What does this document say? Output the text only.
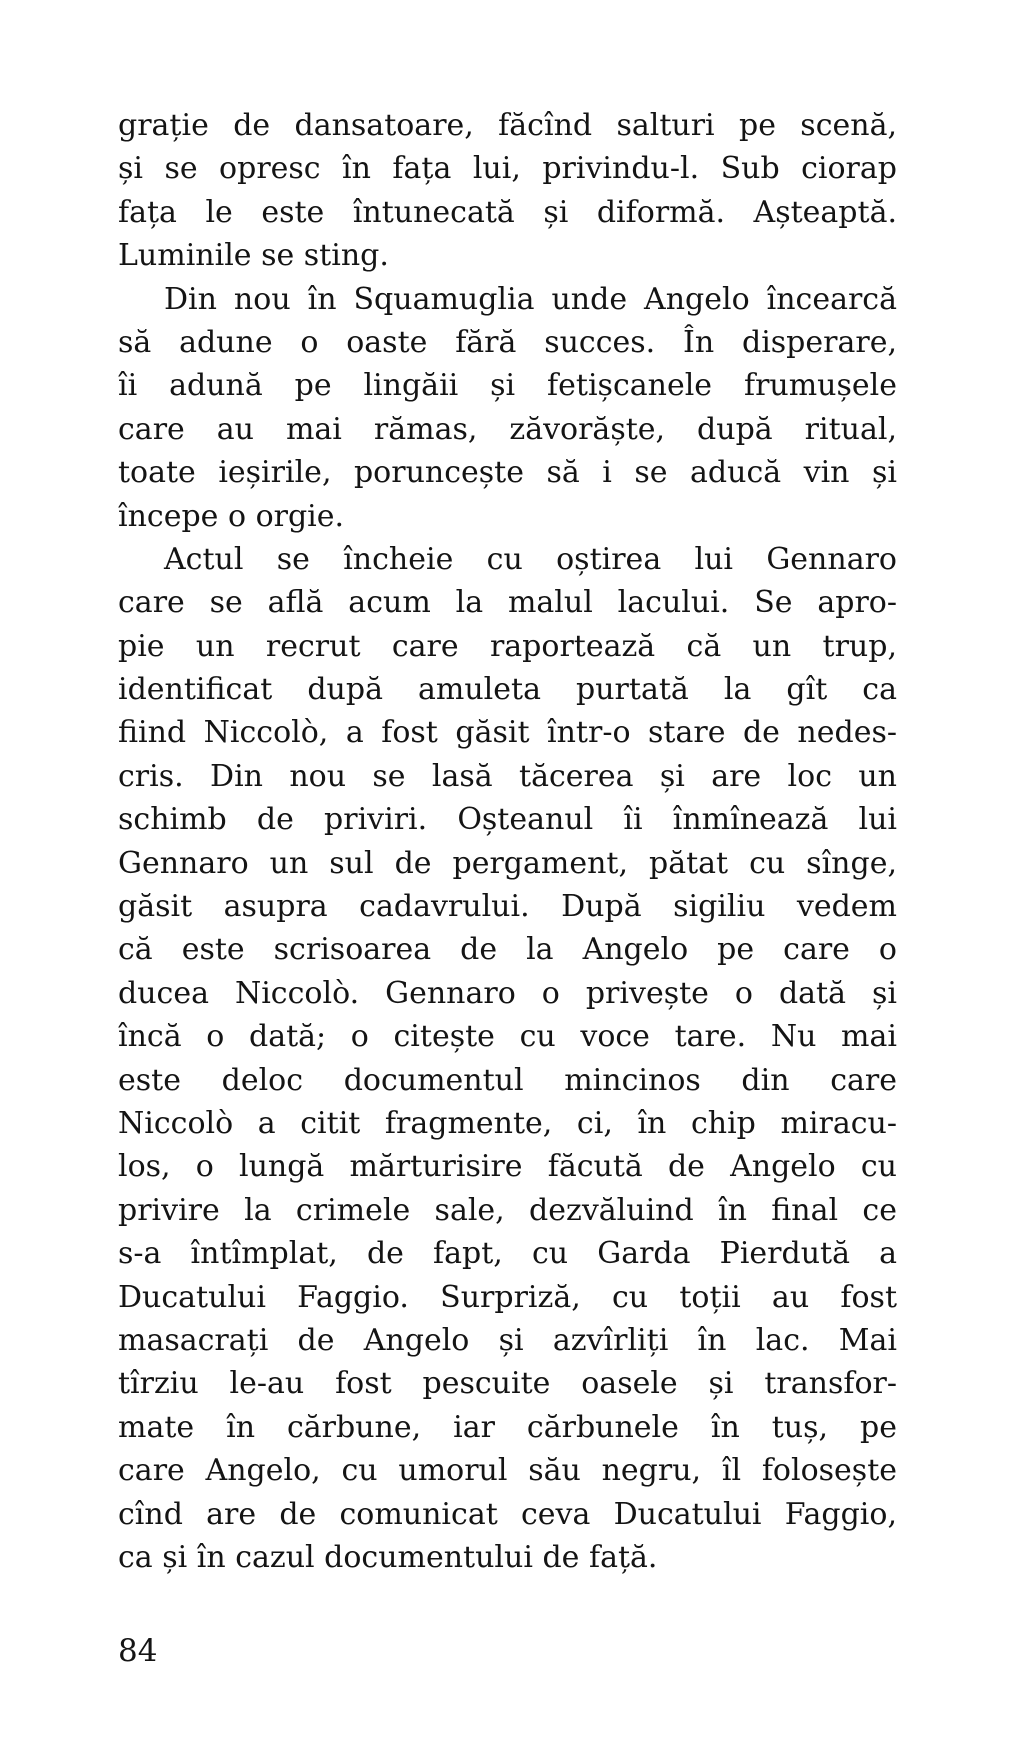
grație de dansatoare, făcînd salturi pe scenă,
și se opresc în fața lui, privindu-l. Sub ciorap
fața le este întunecată și diformă. Așteaptă.
Luminile se sting.
Din nou în Squamuglia unde Angelo încearcă
să adune o oaste fără succes. În disperare,
îi adună pe lingăii și fetișcanele frumușele
care au mai rămas, zăvorăște, după ritual,
toate ieșirile, poruncește să i se aducă vin și
începe o orgie.
Actul se încheie cu oștirea lui Gennaro
care se află acum la malul lacului. Se apro-
pie un recrut care raportează că un trup,
identificat după amuleta purtată la gît ca
fiind Niccolò, a fost găsit într-o stare de nedes-
cris. Din nou se lasă tăcerea și are loc un
schimb de priviri. Oșteanul îi înmînează lui
Gennaro un sul de pergament, pătat cu sînge,
găsit asupra cadavrului. După sigiliu vedem
că este scrisoarea de la Angelo pe care o
ducea Niccolò. Gennaro o privește o dată și
încă o dată; o citește cu voce tare. Nu mai
este deloc documentul mincinos din care
Niccolò a citit fragmente, ci, în chip miracu-
los, o lungă mărturisire făcută de Angelo cu
privire la crimele sale, dezvăluind în final ce
s-a întîmplat, de fapt, cu Garda Pierdută a
Ducatului Faggio. Surpriză, cu toții au fost
masacrați de Angelo și azvîrliți în lac. Mai
tîrziu le-au fost pescuite oasele și transfor-
mate în cărbune, iar cărbunele în tuș, pe
care Angelo, cu umorul său negru, îl folosește
cînd are de comunicat ceva Ducatului Faggio,
ca și în cazul documentului de față.
84
